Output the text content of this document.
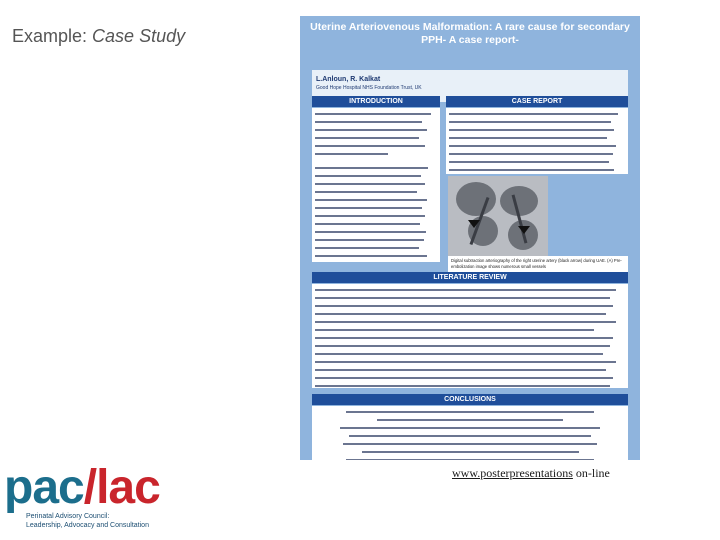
Example: Case Study	Uterine Arteriovenous Malformation: A rare cause for secondary
PPH- A case report-
L.Anloun, R. Kalkat
Good Hope Hospital NHS Foundation Trust, UK
INTRODUCTION	CASE REPORT
Digital subtraction arteriography of the right uterine artery (black arrow) during UAE. (A) Pre-embolization image shows numerous small vessels
LITERATURE REVIEW
CONCLUSIONS
www.posterpresentations on-line
pac/lac
Perinatal Advisory Council:
Leadership, Advocacy and Consultation
